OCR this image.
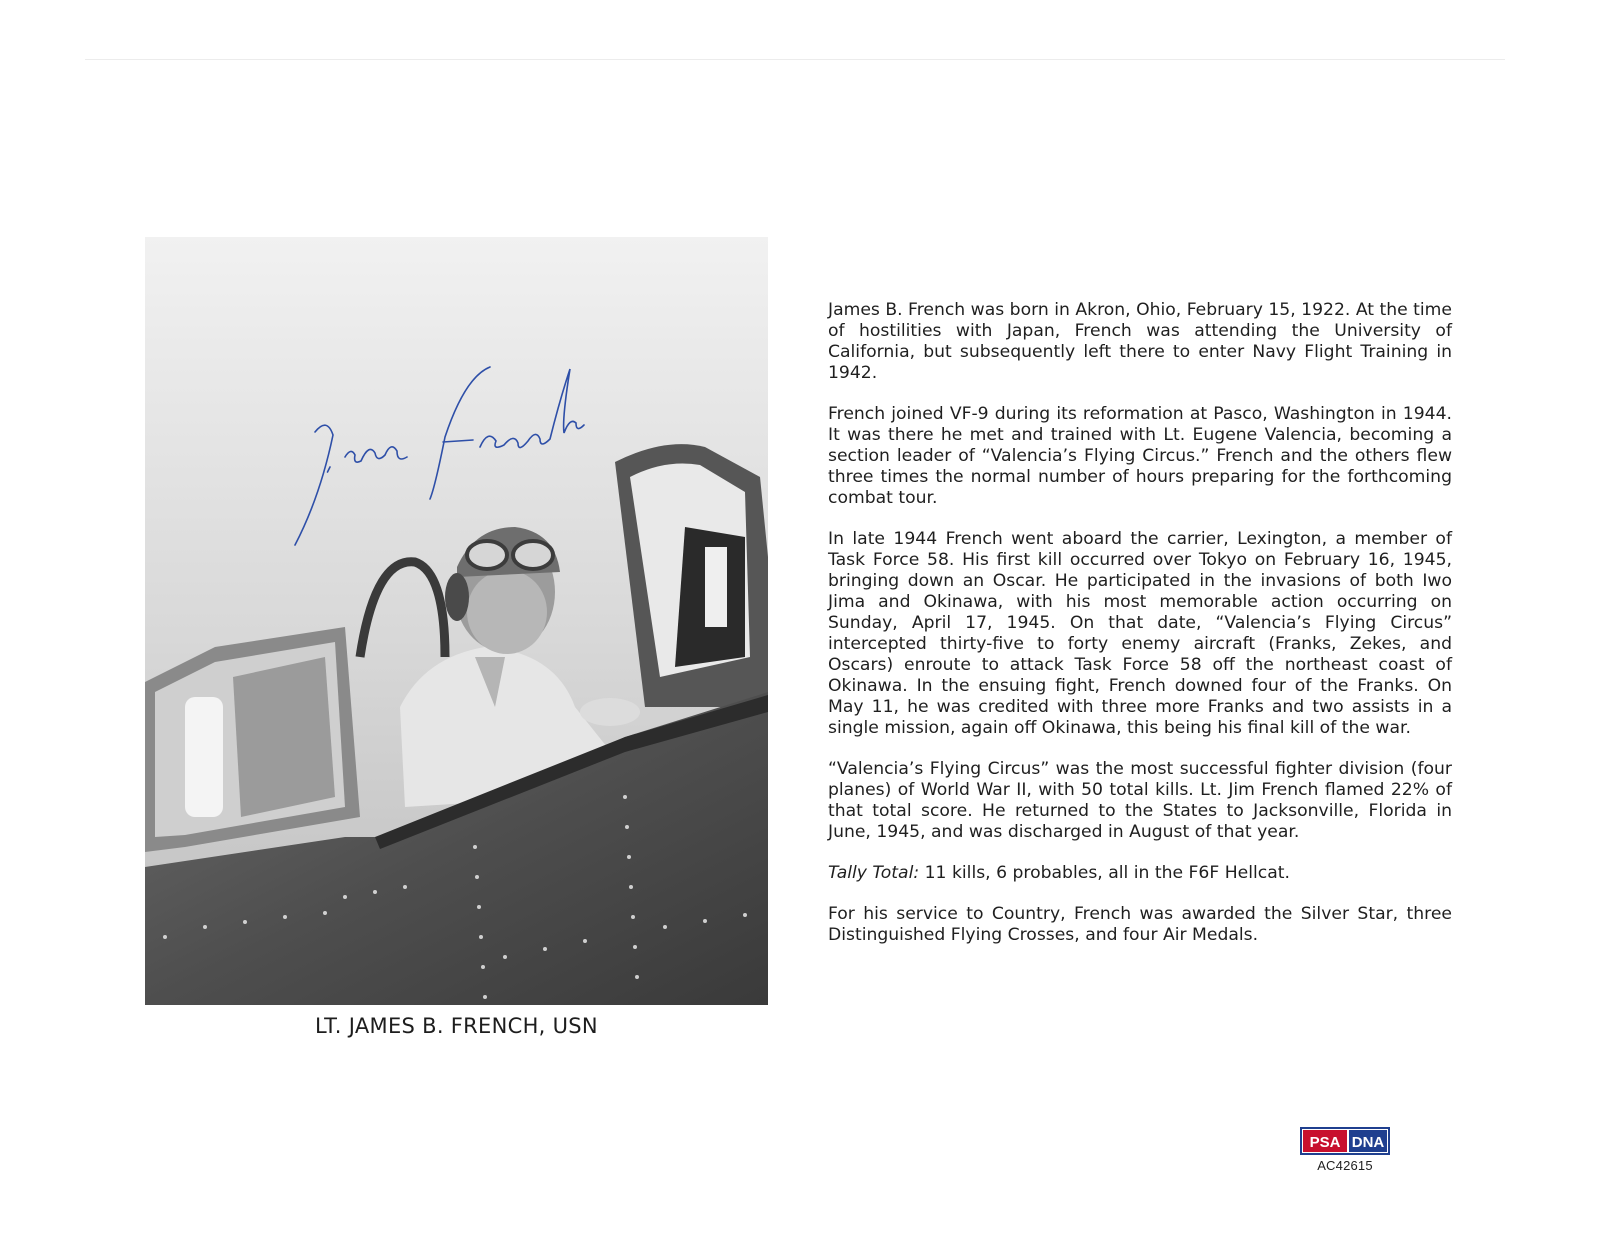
LT. JAMES B. FRENCH, USN

James B. French was born in Akron, Ohio, February 15, 1922. At the time of hostilities with Japan, French was attending the University of California, but subsequently left there to enter Navy Flight Training in 1942.

French joined VF-9 during its reformation at Pasco, Washington in 1944. It was there he met and trained with Lt. Eugene Valencia, becoming a section leader of “Valencia’s Flying Circus.” French and the others flew three times the normal number of hours preparing for the forthcoming combat tour.

In late 1944 French went aboard the carrier, Lexington, a member of Task Force 58. His first kill occurred over Tokyo on February 16, 1945, bringing down an Oscar. He participated in the invasions of both Iwo Jima and Okinawa, with his most memorable action occurring on Sunday, April 17, 1945. On that date, “Valencia’s Flying Circus” intercepted thirty-five to forty enemy aircraft (Franks, Zekes, and Oscars) enroute to attack Task Force 58 off the northeast coast of Okinawa. In the ensuing fight, French downed four of the Franks. On May 11, he was credited with three more Franks and two assists in a single mission, again off Okinawa, this being his final kill of the war.

“Valencia’s Flying Circus” was the most successful fighter division (four planes) of World War II, with 50 total kills. Lt. Jim French flamed 22% of that total score. He returned to the States to Jacksonville, Florida in June, 1945, and was discharged in August of that year.

Tally Total: 11 kills, 6 probables, all in the F6F Hellcat.

For his service to Country, French was awarded the Silver Star, three Distinguished Flying Crosses, and four Air Medals.

PSA DNA
AC42615
